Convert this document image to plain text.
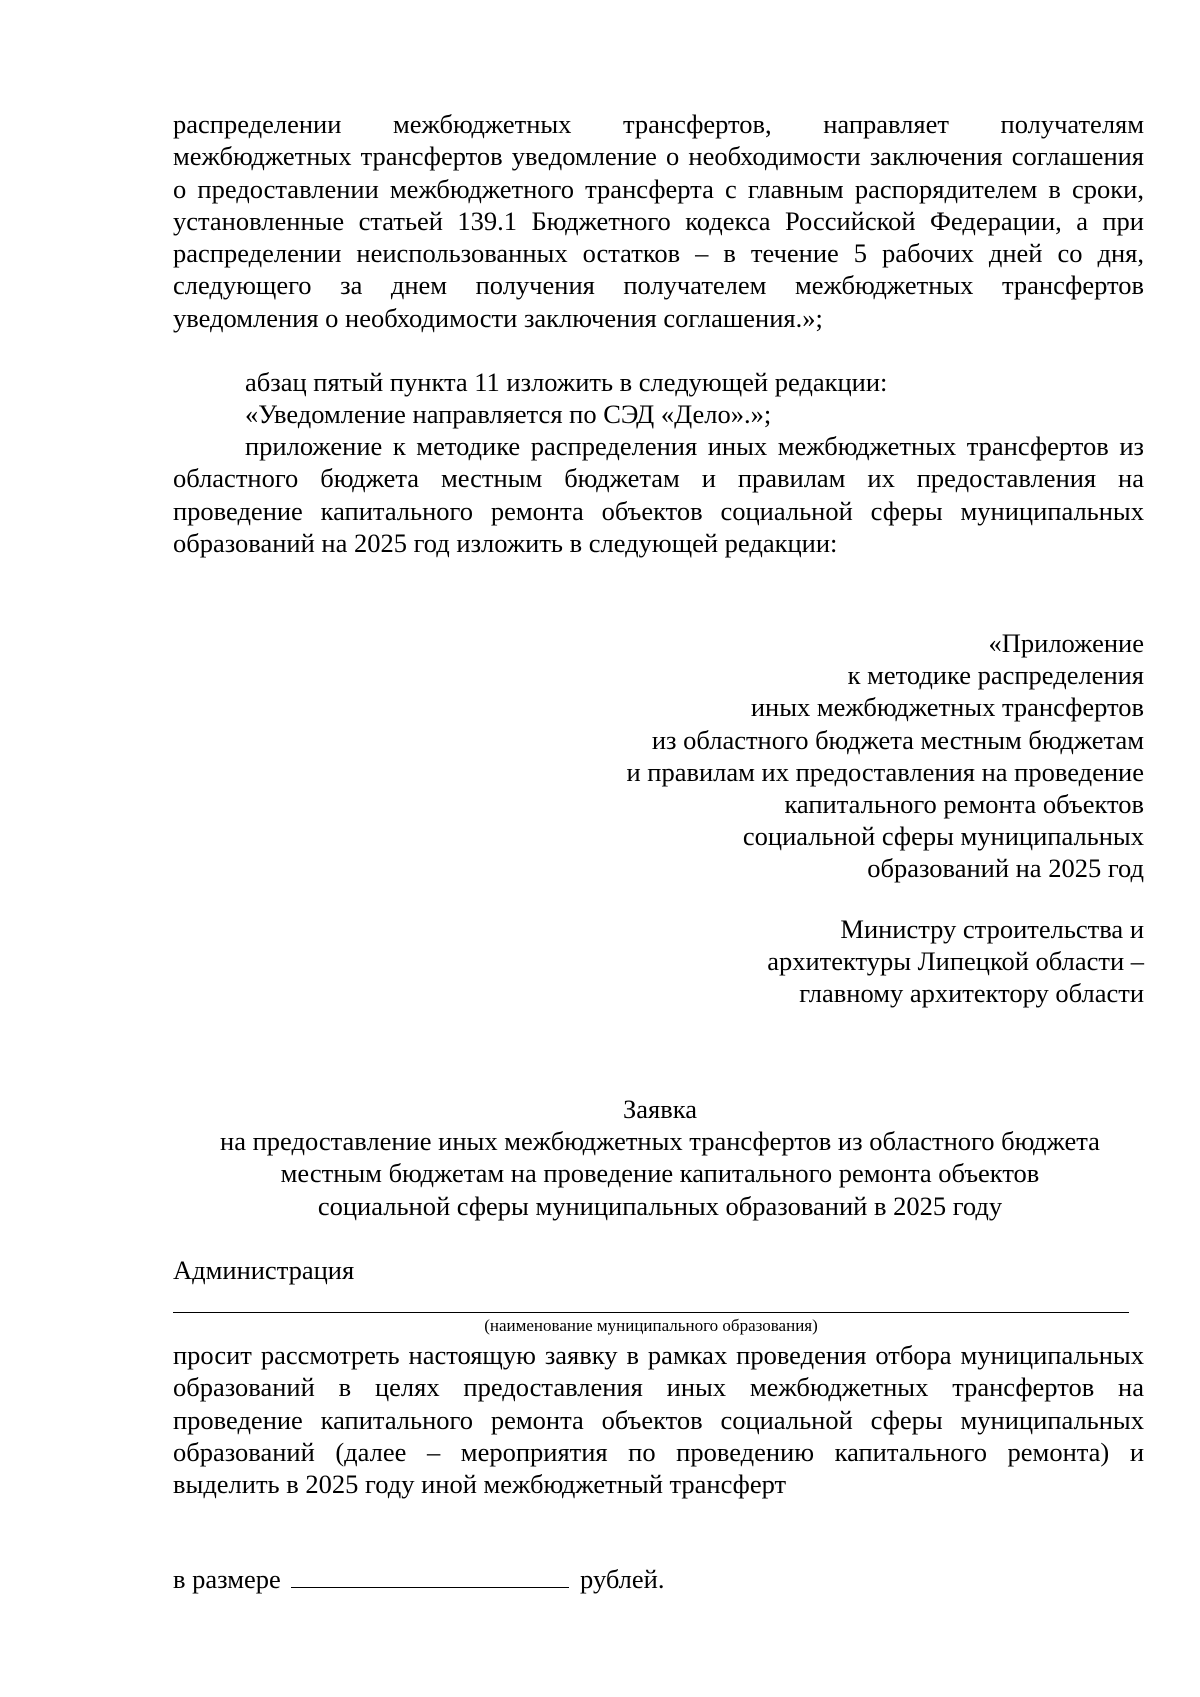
распределении межбюджетных трансфертов, направляет получателям межбюджетных трансфертов уведомление о необходимости заключения соглашения о предоставлении межбюджетного трансферта с главным распорядителем в сроки, установленные статьей 139.1 Бюджетного кодекса Российской Федерации, а при распределении неиспользованных остатков – в течение 5 рабочих дней со дня, следующего за днем получения получателем межбюджетных трансфертов уведомления о необходимости заключения соглашения.»;

абзац пятый пункта 11 изложить в следующей редакции:

«Уведомление направляется по СЭД «Дело».»;

приложение к методике распределения иных межбюджетных трансфертов из областного бюджета местным бюджетам и правилам их предоставления на проведение капитального ремонта объектов социальной сферы муниципальных образований на 2025 год изложить в следующей редакции:

«Приложение
к методике распределения
иных межбюджетных трансфертов
из областного бюджета местным бюджетам
и правилам их предоставления на проведение
капитального ремонта объектов
социальной сферы муниципальных
образований на 2025 год
Министру строительства и
архитектуры Липецкой области –
главному архитектору области
Заявка
на предоставление иных межбюджетных трансфертов из областного бюджета
местным бюджетам на проведение капитального ремонта объектов
социальной сферы муниципальных образований в 2025 году
Администрация
(наименование муниципального образования)

просит рассмотреть настоящую заявку в рамках проведения отбора муниципальных образований в целях предоставления иных межбюджетных трансфертов на проведение капитального ремонта объектов социальной сферы муниципальных образований (далее – мероприятия по проведению капитального ремонта) и выделить в 2025 году иной межбюджетный трансферт

в размере	рублей.
